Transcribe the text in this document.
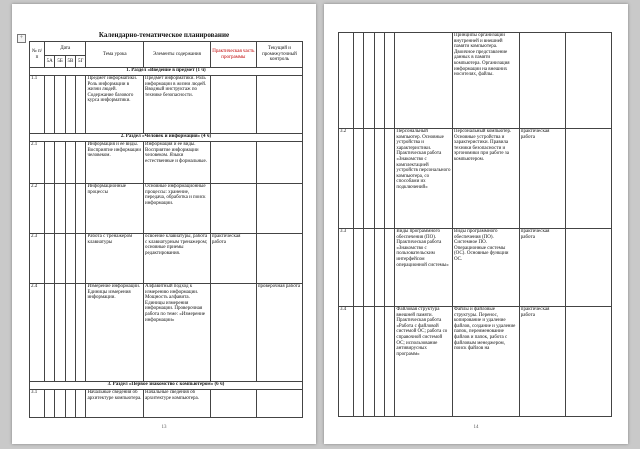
+	Календарно-тематическое планирование
№ п/п	Дата				Тема урока	Элементы содержания	Практическая часть программы	Текущий и промежуточный контроль
	5А	5Б	5В	5Г				
1. Раздел «Введение в предмет (1 ч)								
1.1					Предмет информатики. Роль информации в жизни людей. Содержание базового курса информатики.	Предмет информатики. Роль информации в жизни людей. Вводный инструктаж по технике безопасности.		
2. Раздел «Человек и информация» (4 ч)								
2.1					Информация и ее виды. Восприятие информации человеком.	Информация и ее виды. Восприятие информации человеком. Языки естественные и формальные.		
2.2					Информационные процессы	Основные информационные процессы: хранение, передача, обработка и поиск информации.		
2.3					Работа с тренажером клавиатуры	освоение клавиатуры, работа с клавиатурным тренажером; основные приемы редактирования.	практическая работа	
2.4					Измерение информации. Единицы измерения информации.	Алфавитный подход к измерению информации. Мощность алфавита. Единицы измерения информации. Проверочная работа по теме: «Измерение информации»		проверочная работа
3. Раздел «Первое знакомство с компьютером» (6 ч)								
3.1					Начальные сведения об архитектуре компьютера.	Начальные сведения об архитектуре компьютера.		
13
						Принципы организации внутренней и внешней памяти компьютера. Двоичное представление данных в памяти компьютера. Организация информации на внешних носителях, файлы.		
3.2					Персональный компьютер. Основные устройства и характеристики. Практическая работа «Знакомство с комплектацией устройств персонального компьютера, со способами их подключений»	Персональный компьютер. Основные устройства и характеристики. Правила техники безопасности и эргономики при работе за компьютером.	практическая работа	
3.3					Виды программного обеспечения (ПО). Практическая работа «Знакомство с пользовательским интерфейсом операционной системы»	Виды программного обеспечения (ПО). Системное ПО. Операционные системы (ОС). Основные функции ОС.	практическая работа	
3.4					Файловая структура внешней памяти. Практическая работа «Работа с файловой системой ОС; работа со справочной системой ОС; использование антивирусных программ»	Файлы и файловые структуры. Перенос, копирование и удаление файлов, создание и удаление папок, переименование файлов и папок, работа с файловым менеджером, поиск файлов на	практическая работа	
14
